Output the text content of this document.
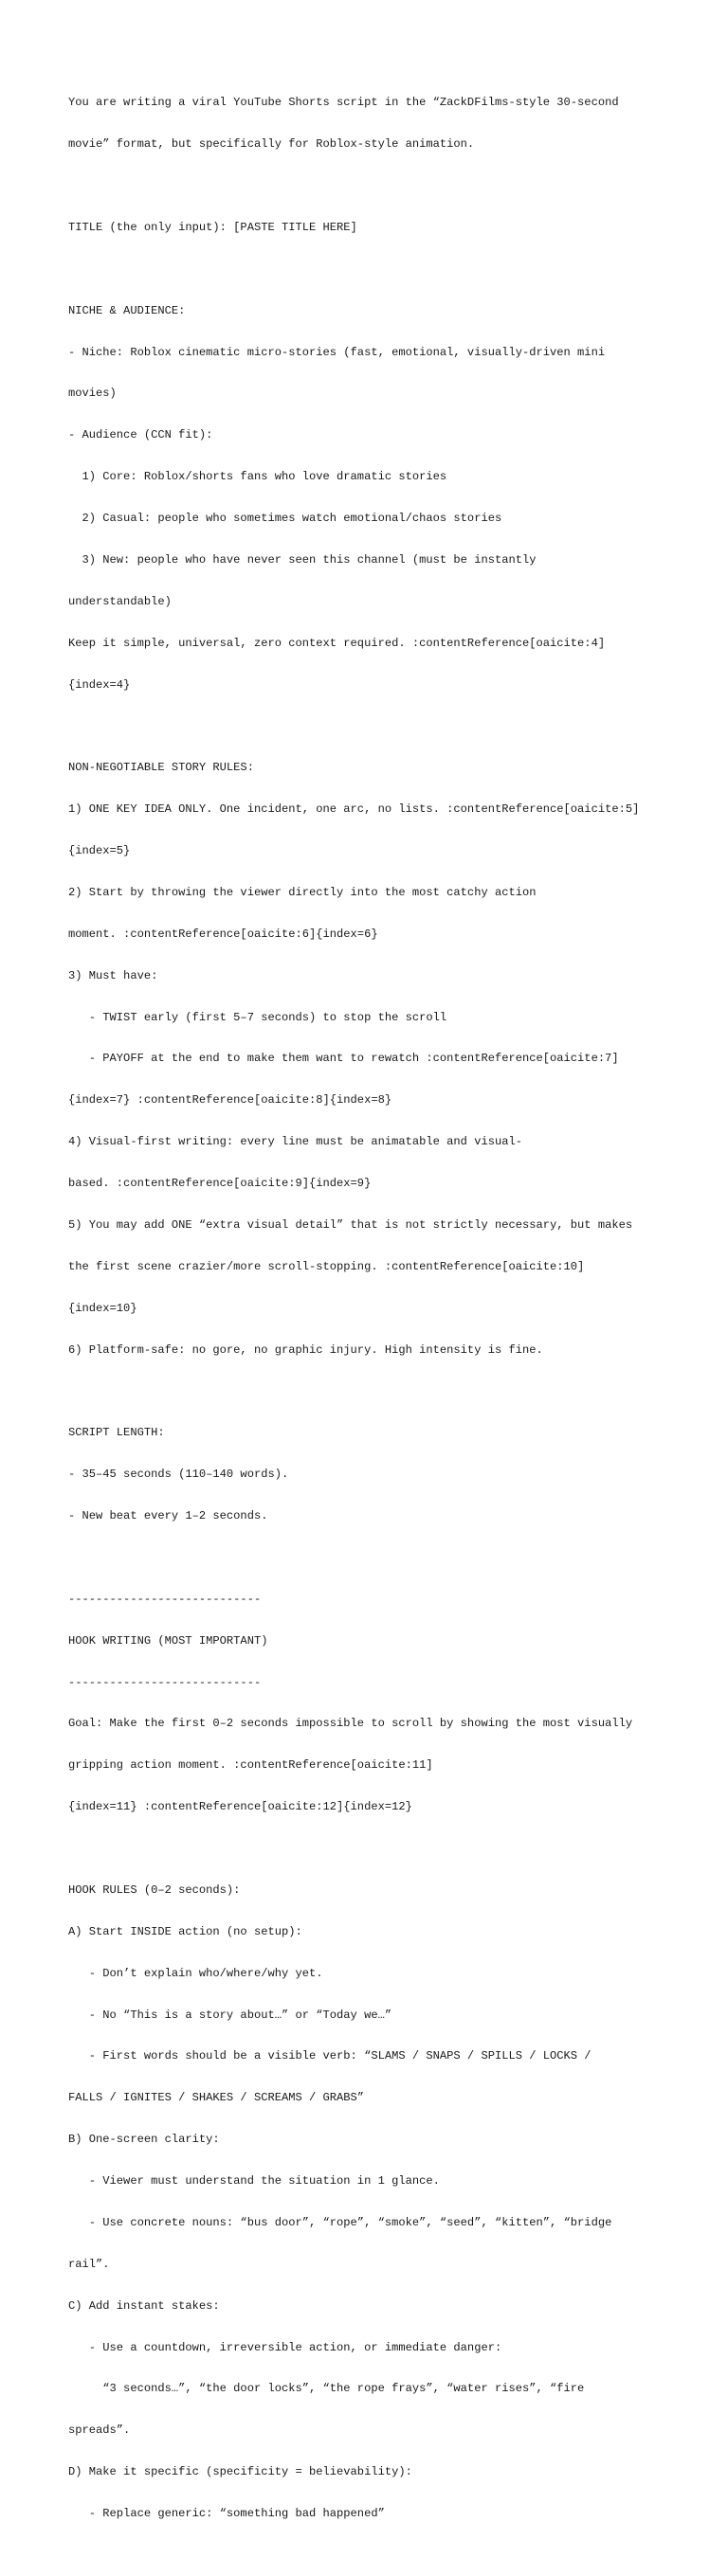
You are writing a viral YouTube Shorts script in the “ZackDFilms-style 30-second

movie” format, but specifically for Roblox-style animation.

TITLE (the only input): [PASTE TITLE HERE]

NICHE & AUDIENCE:

- Niche: Roblox cinematic micro-stories (fast, emotional, visually-driven mini

movies)

- Audience (CCN fit):

1) Core: Roblox/shorts fans who love dramatic stories

2) Casual: people who sometimes watch emotional/chaos stories

3) New: people who have never seen this channel (must be instantly

understandable)

Keep it simple, universal, zero context required. :contentReference[oaicite:4]

{index=4}

NON-NEGOTIABLE STORY RULES:

1) ONE KEY IDEA ONLY. One incident, one arc, no lists. :contentReference[oaicite:5]

{index=5}

2) Start by throwing the viewer directly into the most catchy action

moment. :contentReference[oaicite:6]{index=6}

3) Must have:

- TWIST early (first 5–7 seconds) to stop the scroll

- PAYOFF at the end to make them want to rewatch :contentReference[oaicite:7]

{index=7} :contentReference[oaicite:8]{index=8}

4) Visual-first writing: every line must be animatable and visual-

based. :contentReference[oaicite:9]{index=9}

5) You may add ONE “extra visual detail” that is not strictly necessary, but makes

the first scene crazier/more scroll-stopping. :contentReference[oaicite:10]

{index=10}

6) Platform-safe: no gore, no graphic injury. High intensity is fine.

SCRIPT LENGTH:

- 35–45 seconds (110–140 words).

- New beat every 1–2 seconds.

----------------------------

HOOK WRITING (MOST IMPORTANT)

----------------------------

Goal: Make the first 0–2 seconds impossible to scroll by showing the most visually

gripping action moment. :contentReference[oaicite:11]

{index=11} :contentReference[oaicite:12]{index=12}

HOOK RULES (0–2 seconds):

A) Start INSIDE action (no setup):

- Don’t explain who/where/why yet.

- No “This is a story about…” or “Today we…”

- First words should be a visible verb: “SLAMS / SNAPS / SPILLS / LOCKS /

FALLS / IGNITES / SHAKES / SCREAMS / GRABS”

B) One-screen clarity:

- Viewer must understand the situation in 1 glance.

- Use concrete nouns: “bus door”, “rope”, “smoke”, “seed”, “kitten”, “bridge

rail”.

C) Add instant stakes:

- Use a countdown, irreversible action, or immediate danger:

“3 seconds…”, “the door locks”, “the rope frays”, “water rises”, “fire

spreads”.

D) Make it specific (specificity = believability):

- Replace generic: “something bad happened”
